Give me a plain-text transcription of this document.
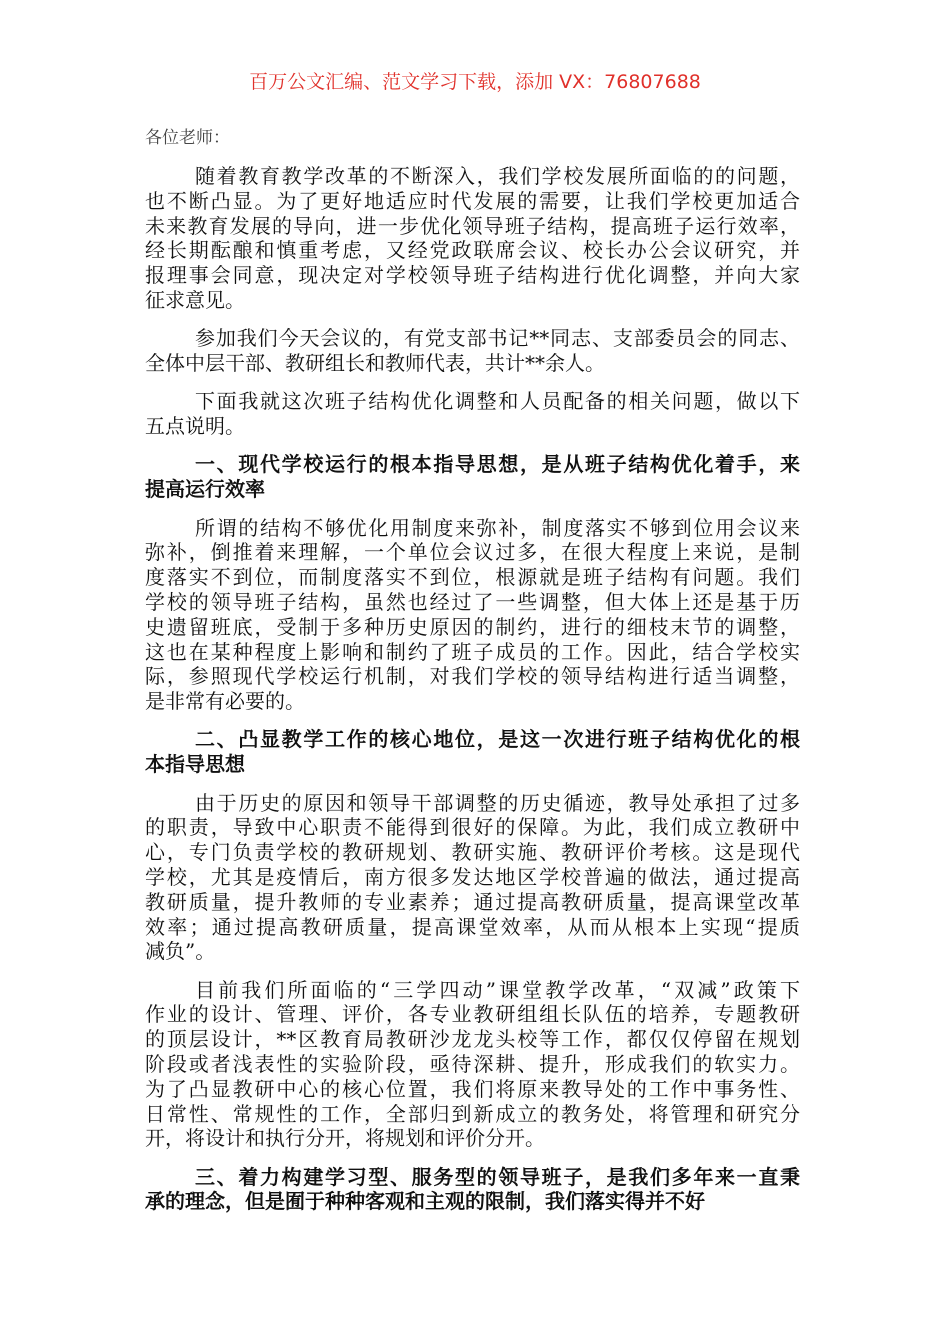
百万公文汇编、范文学习下载，添加 VX：76807688
各位老师：
随着教育教学改革的不断深入，我们学校发展所面临的的问题，
也不断凸显。为了更好地适应时代发展的需要，让我们学校更加适合
未来教育发展的导向，进一步优化领导班子结构，提高班子运行效率，
经长期酝酿和慎重考虑，又经党政联席会议、校长办公会议研究，并
报理事会同意，现决定对学校领导班子结构进行优化调整，并向大家
征求意见。
参加我们今天会议的，有党支部书记**同志、支部委员会的同志、
全体中层干部、教研组长和教师代表，共计**余人。
下面我就这次班子结构优化调整和人员配备的相关问题，做以下
五点说明。
一、现代学校运行的根本指导思想，是从班子结构优化着手，来
提高运行效率
所谓的结构不够优化用制度来弥补，制度落实不够到位用会议来
弥补，倒推着来理解，一个单位会议过多，在很大程度上来说，是制
度落实不到位，而制度落实不到位，根源就是班子结构有问题。我们
学校的领导班子结构，虽然也经过了一些调整，但大体上还是基于历
史遗留班底，受制于多种历史原因的制约，进行的细枝末节的调整，
这也在某种程度上影响和制约了班子成员的工作。因此，结合学校实
际，参照现代学校运行机制，对我们学校的领导结构进行适当调整，
是非常有必要的。
二、凸显教学工作的核心地位，是这一次进行班子结构优化的根
本指导思想
由于历史的原因和领导干部调整的历史循迹，教导处承担了过多
的职责，导致中心职责不能得到很好的保障。为此，我们成立教研中
心，专门负责学校的教研规划、教研实施、教研评价考核。这是现代
学校，尤其是疫情后，南方很多发达地区学校普遍的做法，通过提高
教研质量，提升教师的专业素养；通过提高教研质量，提高课堂改革
效率；通过提高教研质量，提高课堂效率，从而从根本上实现“提质
减负”。
目前我们所面临的“三学四动”课堂教学改革，“双减”政策下
作业的设计、管理、评价，各专业教研组组长队伍的培养，专题教研
的顶层设计，**区教育局教研沙龙龙头校等工作，都仅仅停留在规划
阶段或者浅表性的实验阶段，亟待深耕、提升，形成我们的软实力。
为了凸显教研中心的核心位置，我们将原来教导处的工作中事务性、
日常性、常规性的工作，全部归到新成立的教务处，将管理和研究分
开，将设计和执行分开，将规划和评价分开。
三、着力构建学习型、服务型的领导班子，是我们多年来一直秉
承的理念，但是囿于种种客观和主观的限制，我们落实得并不好
